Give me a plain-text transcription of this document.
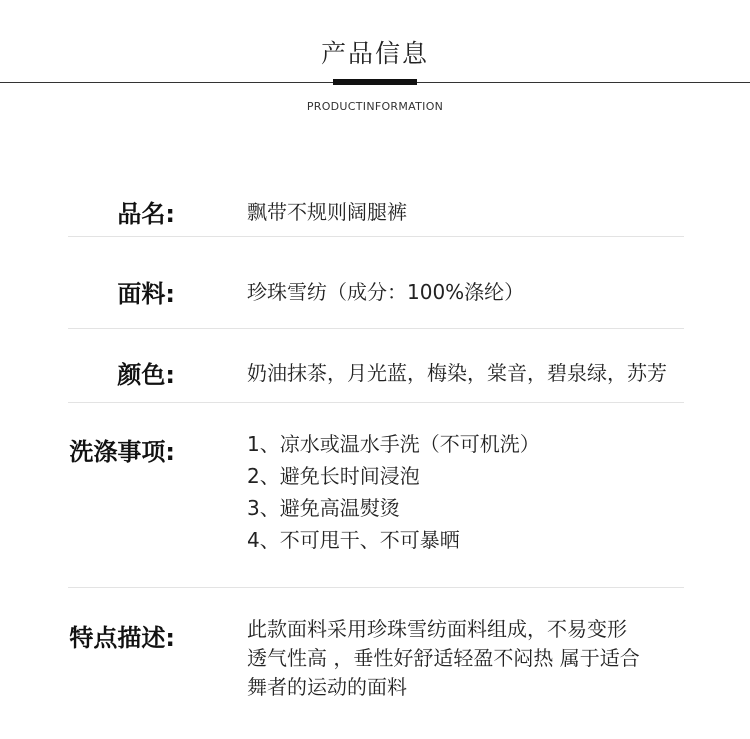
产品信息
PRODUCTINFORMATION
品名:	飘带不规则阔腿裤
面料:	珍珠雪纺（成分：100%涤纶）
颜色:	奶油抹茶，月光蓝，梅染，棠音，碧泉绿，苏芳
洗涤事项:	1、凉水或温水手洗（不可机洗）
2、避免长时间浸泡
3、避免高温熨烫
4、不可甩干、不可暴晒
特点描述:	此款面料采用珍珠雪纺面料组成，不易变形
透气性高 ，垂性好舒适轻盈不闷热 属于适合
舞者的运动的面料
